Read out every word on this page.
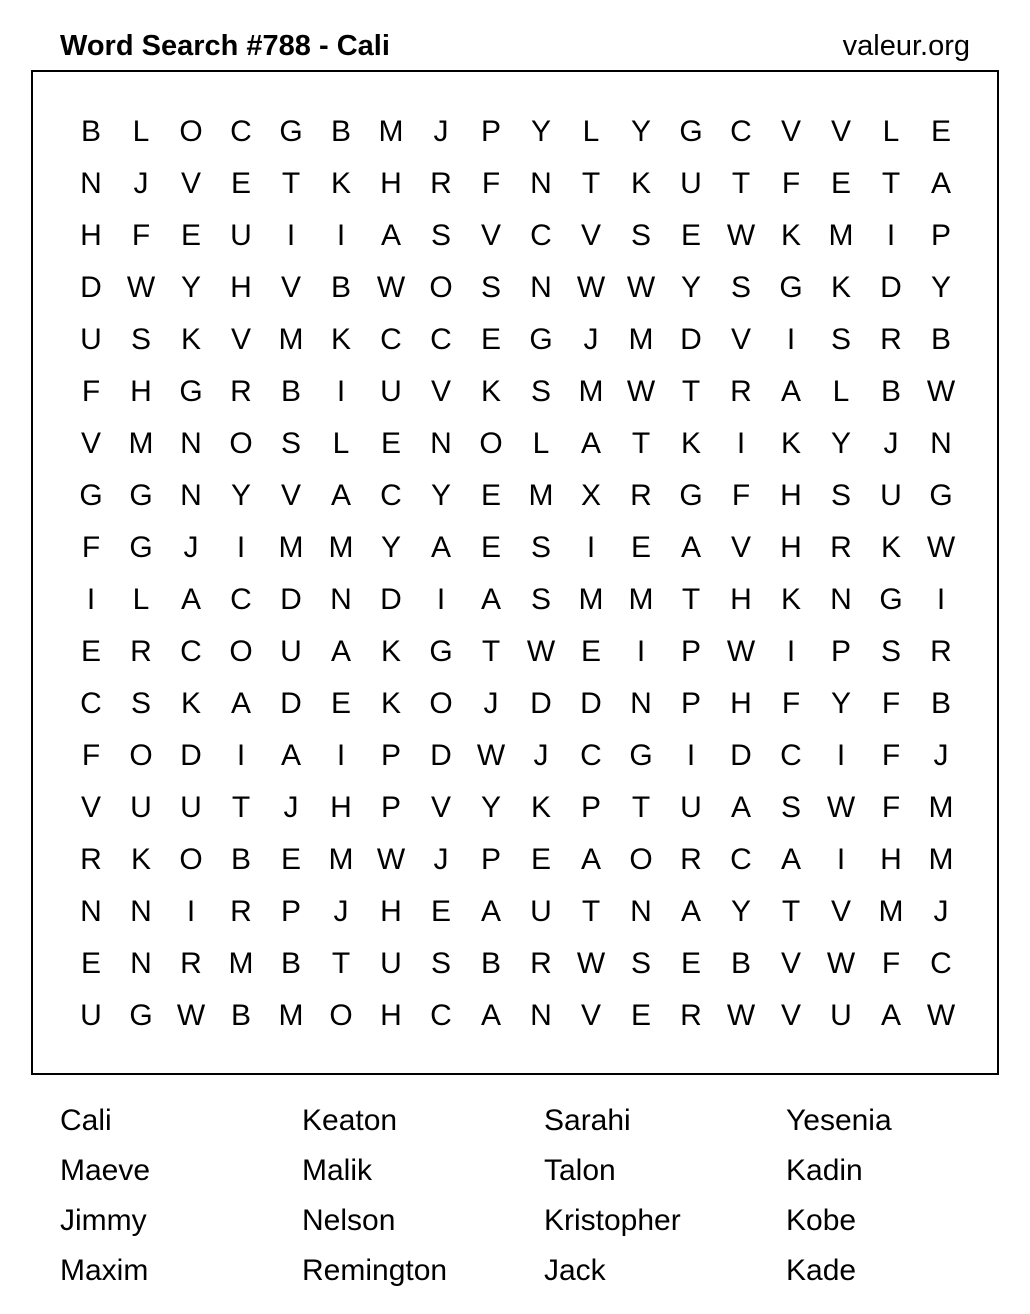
Word Search #788 - Cali	valeur.org
B	L O C G B M	J	P Y	L	Y G C V V	L	E
N	J	V E	T	K H R	F	N	T	K U	T	F	E	T	A
H	F	E U	I	I	A S V C V S E W K M	I	P
D W Y H V B W O S N W W Y S G K D Y
U S K V M K C C E G	J	M D V	I	S R B
F	H G R B	I	U V K S M W T	R A	L	B W
V M N O S	L	E N O L	A	T	K	I	K Y	J	N
G G N Y V A C Y E M X R G F	H S U G
F G	J	I	M M Y A E S	I	E A V H R K W
I	L	A C D N D	I	A S M M T	H K N G	I
E R C O U A K G T W E	I	P W	I	P S R
C S K A D E K O	J	D D N P H	F	Y	F	B
F O D	I	A	I	P D W J	C G	I	D C	I	F	J
V U U	T	J	H P V Y K P	T	U A S W F M
R K O B E M W J	P E A O R C A	I	H M
N N	I	R P	J	H E A U	T	N A Y	T	V M	J
E N R M B	T	U S B R W S E B V W F	C
U G W B M O H C A N V E R W V U A W
Cali	Keaton	Sarahi	Yesenia
Maeve	Malik	Talon	Kadin
Jimmy	Nelson	Kristopher	Kobe
Maxim	Remington	Jack	Kade
